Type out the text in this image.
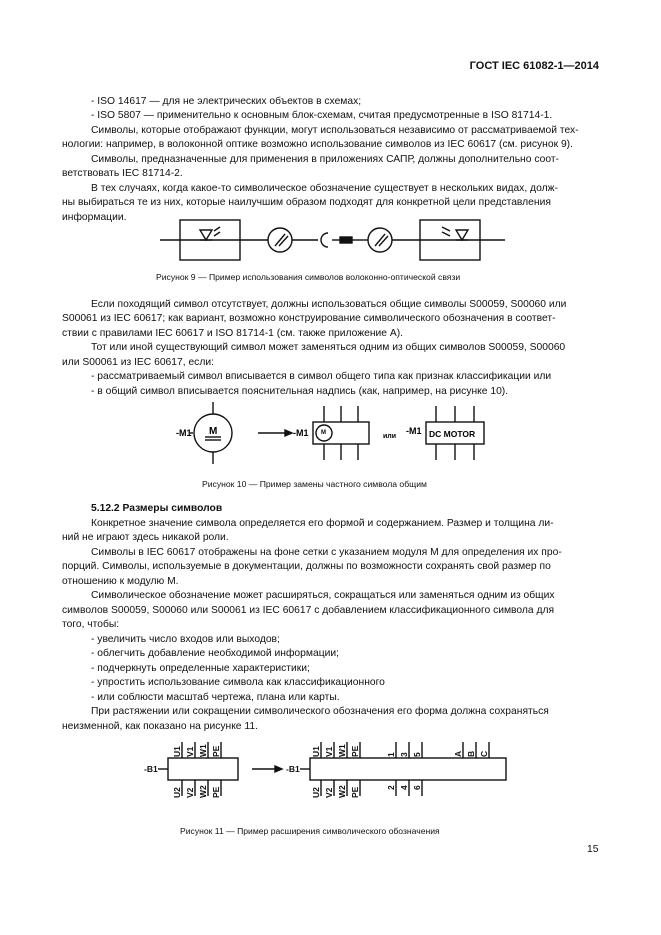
ГОСТ IEC 61082-1—2014
- ISO 14617 — для не электрических объектов в схемах;
- ISO 5807 — применительно к основным блок-схемам, считая предусмотренные в ISO 81714-1.
Символы, которые отображают функции, могут использоваться независимо от рассматриваемой тех-
нологии: например, в волоконной оптике возможно использование символов из IEC 60617 (см. рисунок 9).
Символы, предназначенные для применения в приложениях САПР, должны дополнительно соот-
ветствовать IEC 81714-2.
В тех случаях, когда какое-то символическое обозначение существует в нескольких видах, долж-
ны выбираться те из них, которые наилучшим образом подходят для конкретной цели представления
информации.
Рисунок 9 — Пример использования символов волоконно-оптической связи
Если походящий символ отсутствует, должны использоваться общие символы S00059, S00060 или
S00061 из IEC 60617; как вариант, возможно конструирование символического обозначения в соответ-
ствии с правилами IEC 60617 и ISO 81714-1 (см. также приложение А).
Тот или иной существующий символ может заменяться одним из общих символов S00059, S00060
или S00061 из IEC 60617, если:
- рассматриваемый символ вписывается в символ общего типа как признак классификации или
- в общий символ вписывается пояснительная надпись (как, например, на рисунке 10).
-M1 M	-M1 M	или
-M1 DC MOTOR
Рисунок 10 — Пример замены частного символа общим
5.12.2 Размеры символов
Конкретное значение символа определяется его формой и содержанием. Размер и толщина ли-
ний не играют здесь никакой роли.
Символы в IEC 60617 отображены на фоне сетки с указанием модуля М для определения их про-
порций. Символы, используемые в документации, должны по возможности сохранять свой размер по
отношению к модулю М.
Символическое обозначение может расширяться, сокращаться или заменяться одним из общих
символов S00059, S00060 или S00061 из IEC 60617 с добавлением классификационного символа для
того, чтобы:
- увеличить число входов или выходов;
- облегчить добавление необходимой информации;
- подчеркнуть определенные характеристики;
- упростить использование символа как классификационного
- или соблюсти масштаб чертежа, плана или карты.
При растяжении или сокращении символического обозначения его форма должна сохраняться
неизменной, как показано на рисунке 11.
-B1	-B1
U1 V1 W1 PE
U2 V2 W2 PE
U1 V1 W1 PE
U2 V2 W2 PE
1 3 5
2 4 6
A B C
Рисунок 11 — Пример расширения символического обозначения
15
